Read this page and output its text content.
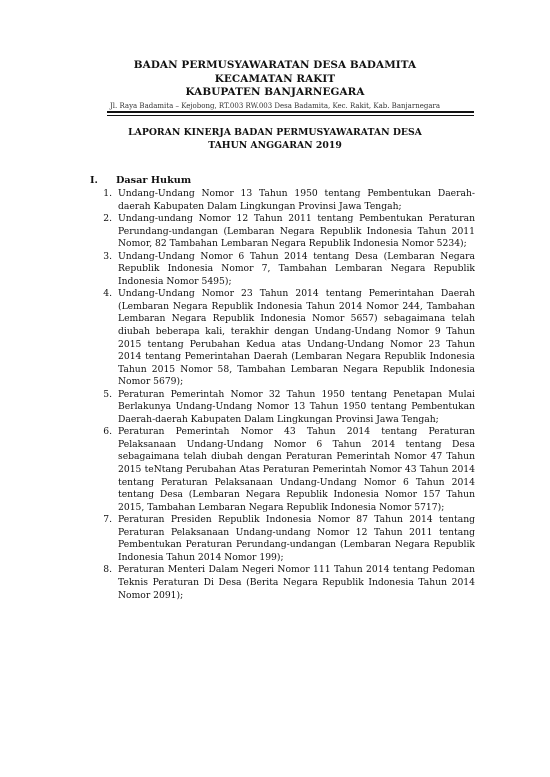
BADAN PERMUSYAWARATAN DESA BADAMITA
KECAMATAN RAKIT
KABUPATEN BANJARNEGARA
Jl. Raya Badamita – Kejobong, RT.003 RW.003 Desa Badamita, Kec. Rakit, Kab. Banjarnegara
LAPORAN KINERJA BADAN PERMUSYAWARATAN DESA
TAHUN ANGGARAN 2019
I.	Dasar Hukum
1. Undang-Undang Nomor 13 Tahun 1950 tentang Pembentukan Daerah-daerah Kabupaten Dalam Lingkungan Provinsi Jawa Tengah;
2. Undang-undang Nomor 12 Tahun 2011 tentang Pembentukan Peraturan Perundang-undangan (Lembaran Negara Republik Indonesia Tahun 2011 Nomor, 82 Tambahan Lembaran Negara Republik Indonesia Nomor 5234);
3. Undang-Undang Nomor 6 Tahun 2014 tentang Desa (Lembaran Negara Republik Indonesia Nomor 7, Tambahan Lembaran Negara Republik Indonesia Nomor 5495);
4. Undang-Undang Nomor 23 Tahun 2014 tentang Pemerintahan Daerah (Lembaran Negara Republik Indonesia Tahun 2014 Nomor 244, Tambahan Lembaran Negara Republik Indonesia Nomor 5657) sebagaimana telah diubah beberapa kali, terakhir dengan Undang-Undang Nomor 9 Tahun 2015 tentang Perubahan Kedua atas Undang-Undang Nomor 23 Tahun 2014 tentang Pemerintahan Daerah (Lembaran Negara Republik Indonesia Tahun 2015 Nomor 58, Tambahan Lembaran Negara Republik Indonesia Nomor 5679);
5. Peraturan Pemerintah Nomor 32 Tahun 1950 tentang Penetapan Mulai Berlakunya Undang-Undang Nomor 13 Tahun 1950 tentang Pembentukan Daerah-daerah Kabupaten Dalam Lingkungan Provinsi Jawa Tengah;
6. Peraturan Pemerintah Nomor 43 Tahun 2014 tentang Peraturan Pelaksanaan Undang-Undang Nomor 6 Tahun 2014 tentang Desa sebagaimana telah diubah dengan Peraturan Pemerintah Nomor 47 Tahun 2015 teNtang Perubahan Atas Peraturan Pemerintah Nomor 43 Tahun 2014 tentang Peraturan Pelaksanaan Undang-Undang Nomor 6 Tahun 2014 tentang Desa (Lembaran Negara Republik Indonesia Nomor 157 Tahun 2015, Tambahan Lembaran Negara Republik Indonesia Nomor 5717);
7. Peraturan Presiden Republik Indonesia Nomor 87 Tahun 2014 tentang Peraturan Pelaksanaan Undang-undang Nomor 12 Tahun 2011 tentang Pembentukan Peraturan Perundang-undangan (Lembaran Negara Republik Indonesia Tahun 2014 Nomor 199);
8. Peraturan Menteri Dalam Negeri Nomor 111 Tahun 2014 tentang Pedoman Teknis Peraturan Di Desa (Berita Negara Republik Indonesia Tahun 2014 Nomor 2091);
